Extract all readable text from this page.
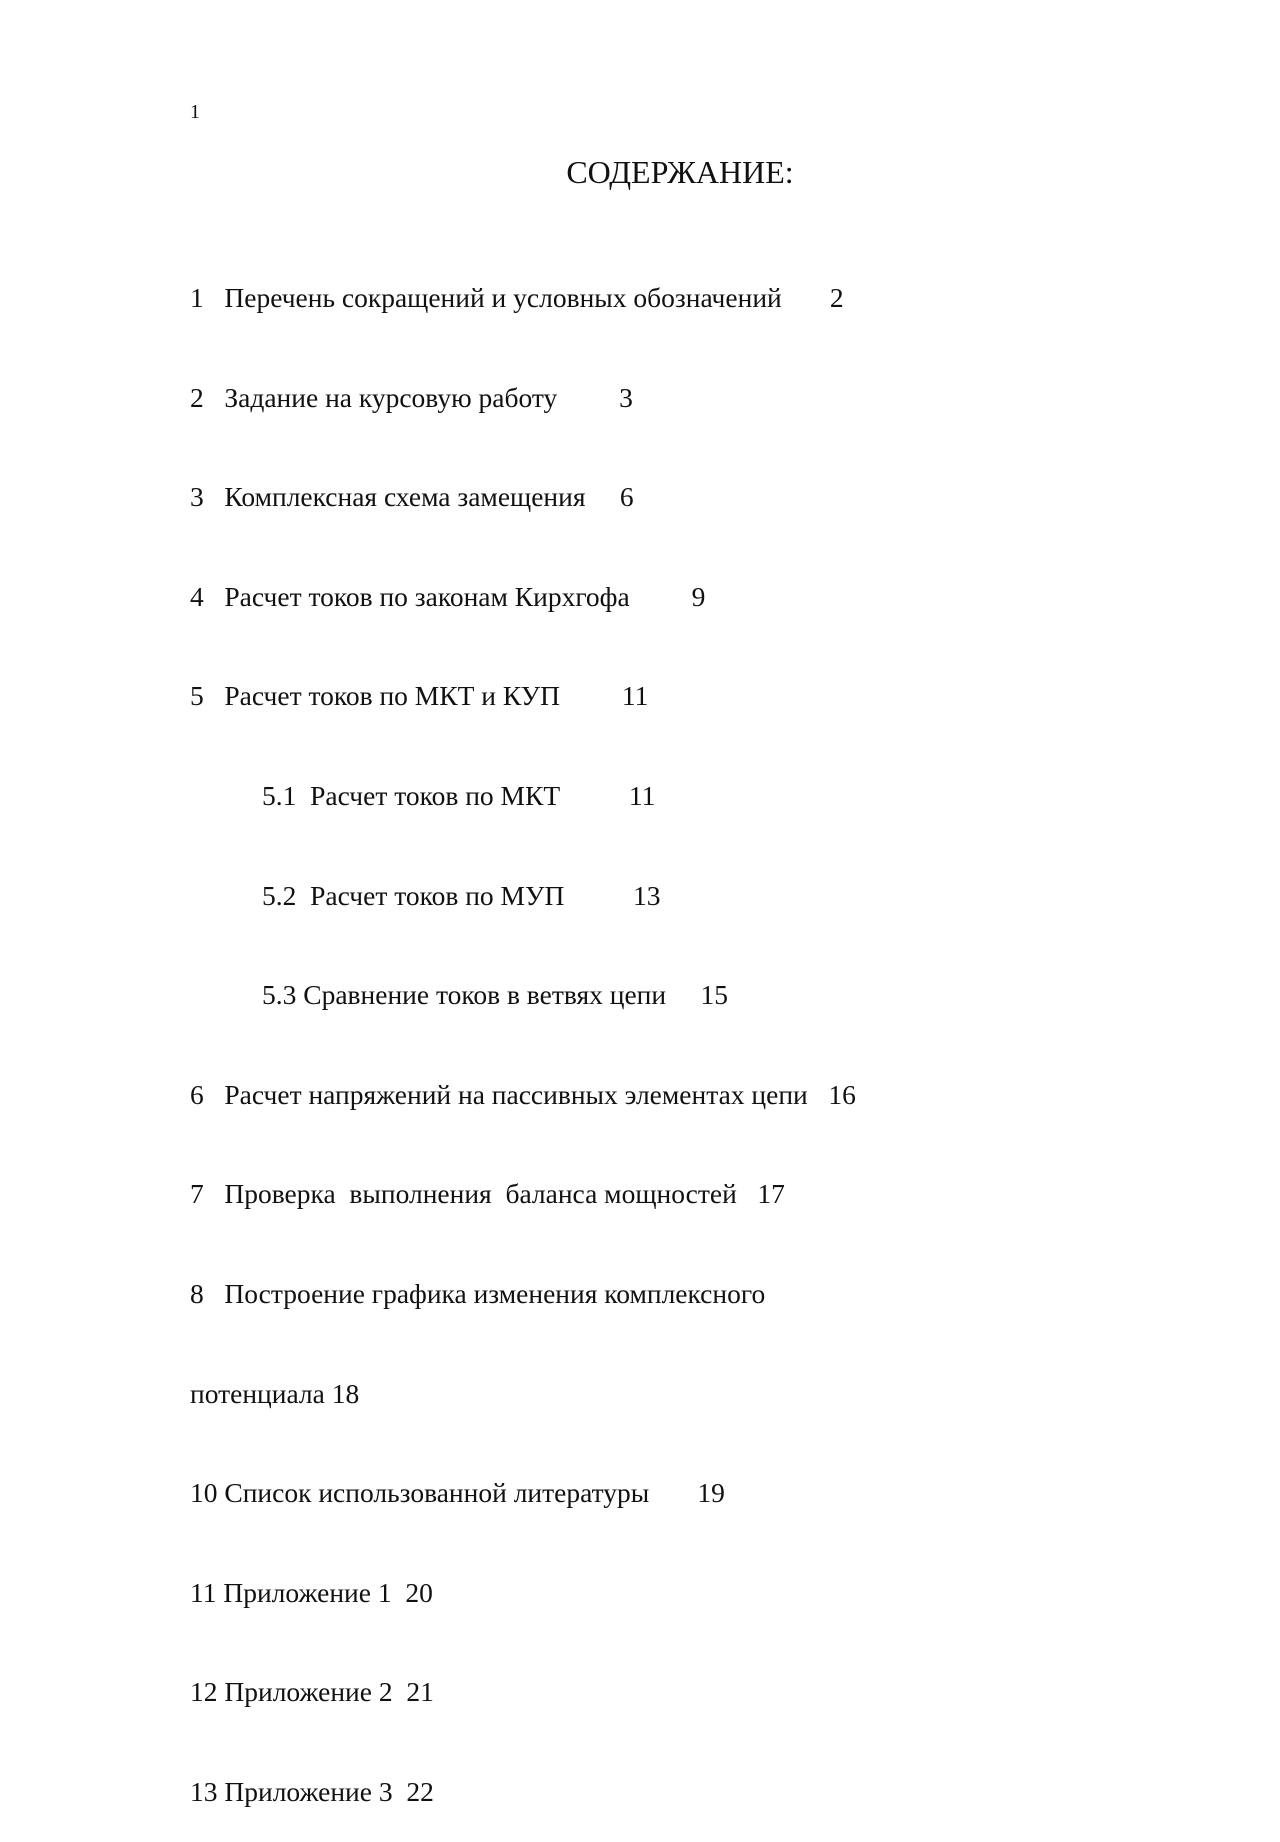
1
СОДЕРЖАНИЕ:

1   Перечень сокращений и условных обозначений       2

2   Задание на курсовую работу         3

3   Комплексная схема замещения     6

4   Расчет токов по законам Кирхгофа         9

5   Расчет токов по МКТ и КУП         11

5.1  Расчет токов по МКТ          11

5.2  Расчет токов по МУП          13

5.3 Сравнение токов в ветвях цепи     15

6   Расчет напряжений на пассивных элементах цепи   16

7   Проверка  выполнения  баланса мощностей   17

8   Построение графика изменения комплексного

потенциала 18

10 Список использованной литературы       19

11 Приложение 1  20

12 Приложение 2  21

13 Приложение 3  22
